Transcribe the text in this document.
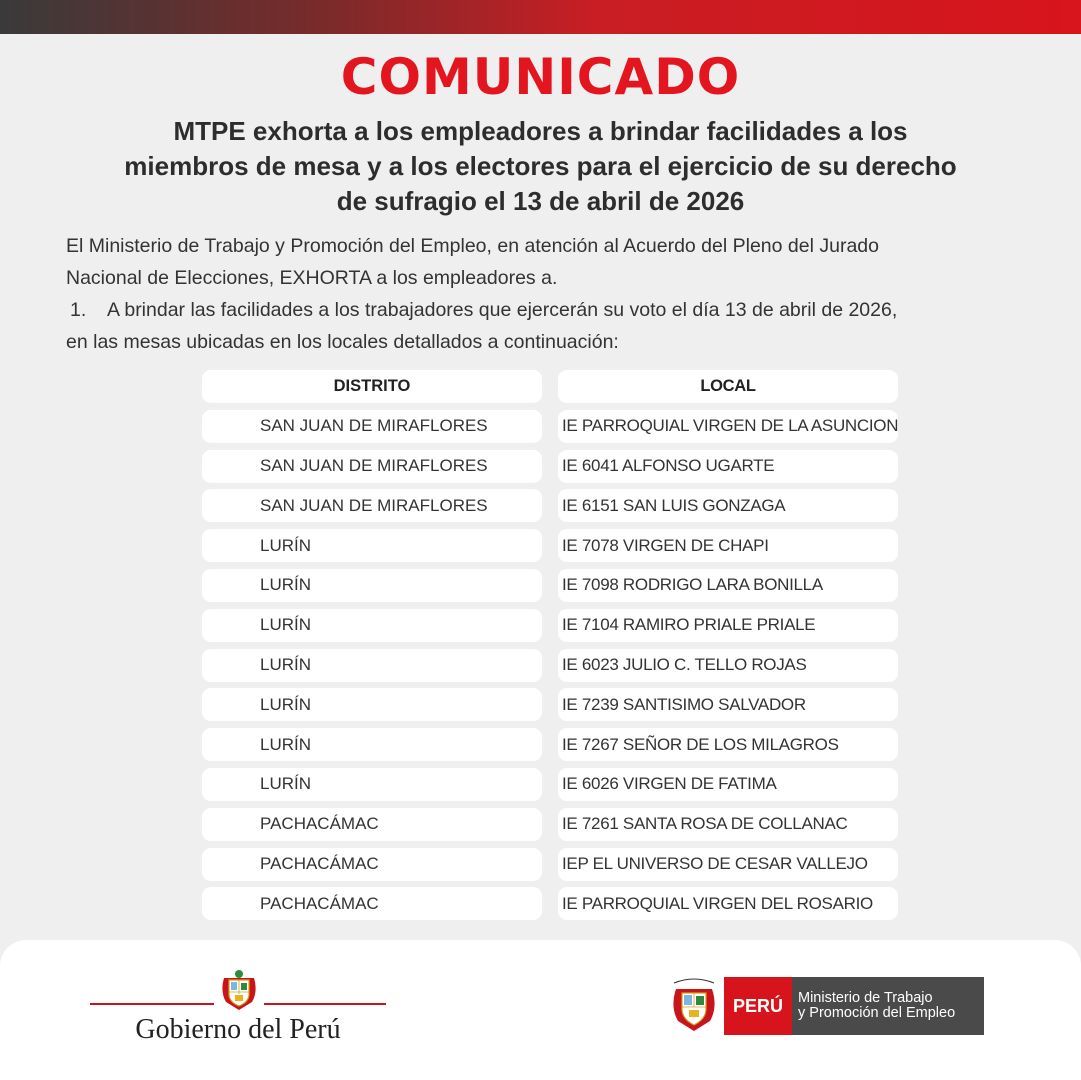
COMUNICADO
MTPE exhorta a los empleadores a brindar facilidades a los
miembros de mesa y a los electores para el ejercicio de su derecho
de sufragio el 13 de abril de 2026

El Ministerio de Trabajo y Promoción del Empleo, en atención al Acuerdo del Pleno del Jurado

Nacional de Elecciones, EXHORTA a los empleadores a.

1. A brindar las facilidades a los trabajadores que ejercerán su voto el día 13 de abril de 2026,

en las mesas ubicadas en los locales detallados a continuación:

DISTRITO	LOCAL
SAN JUAN DE MIRAFLORES	IE PARROQUIAL VIRGEN DE LA ASUNCION
SAN JUAN DE MIRAFLORES	IE 6041 ALFONSO UGARTE
SAN JUAN DE MIRAFLORES	IE 6151 SAN LUIS GONZAGA
LURÍN	IE 7078 VIRGEN DE CHAPI
LURÍN	IE 7098 RODRIGO LARA BONILLA
LURÍN	IE 7104 RAMIRO PRIALE PRIALE
LURÍN	IE 6023 JULIO C. TELLO ROJAS
LURÍN	IE 7239 SANTISIMO SALVADOR
LURÍN	IE 7267 SEÑOR DE LOS MILAGROS
LURÍN	IE 6026 VIRGEN DE FATIMA
PACHACÁMAC	IE 7261 SANTA ROSA DE COLLANAC
PACHACÁMAC	IEP EL UNIVERSO DE CESAR VALLEJO
PACHACÁMAC	IE PARROQUIAL VIRGEN DEL ROSARIO
Gobierno del Perú
PERÚ	Ministerio de Trabajo
y Promoción del Empleo
